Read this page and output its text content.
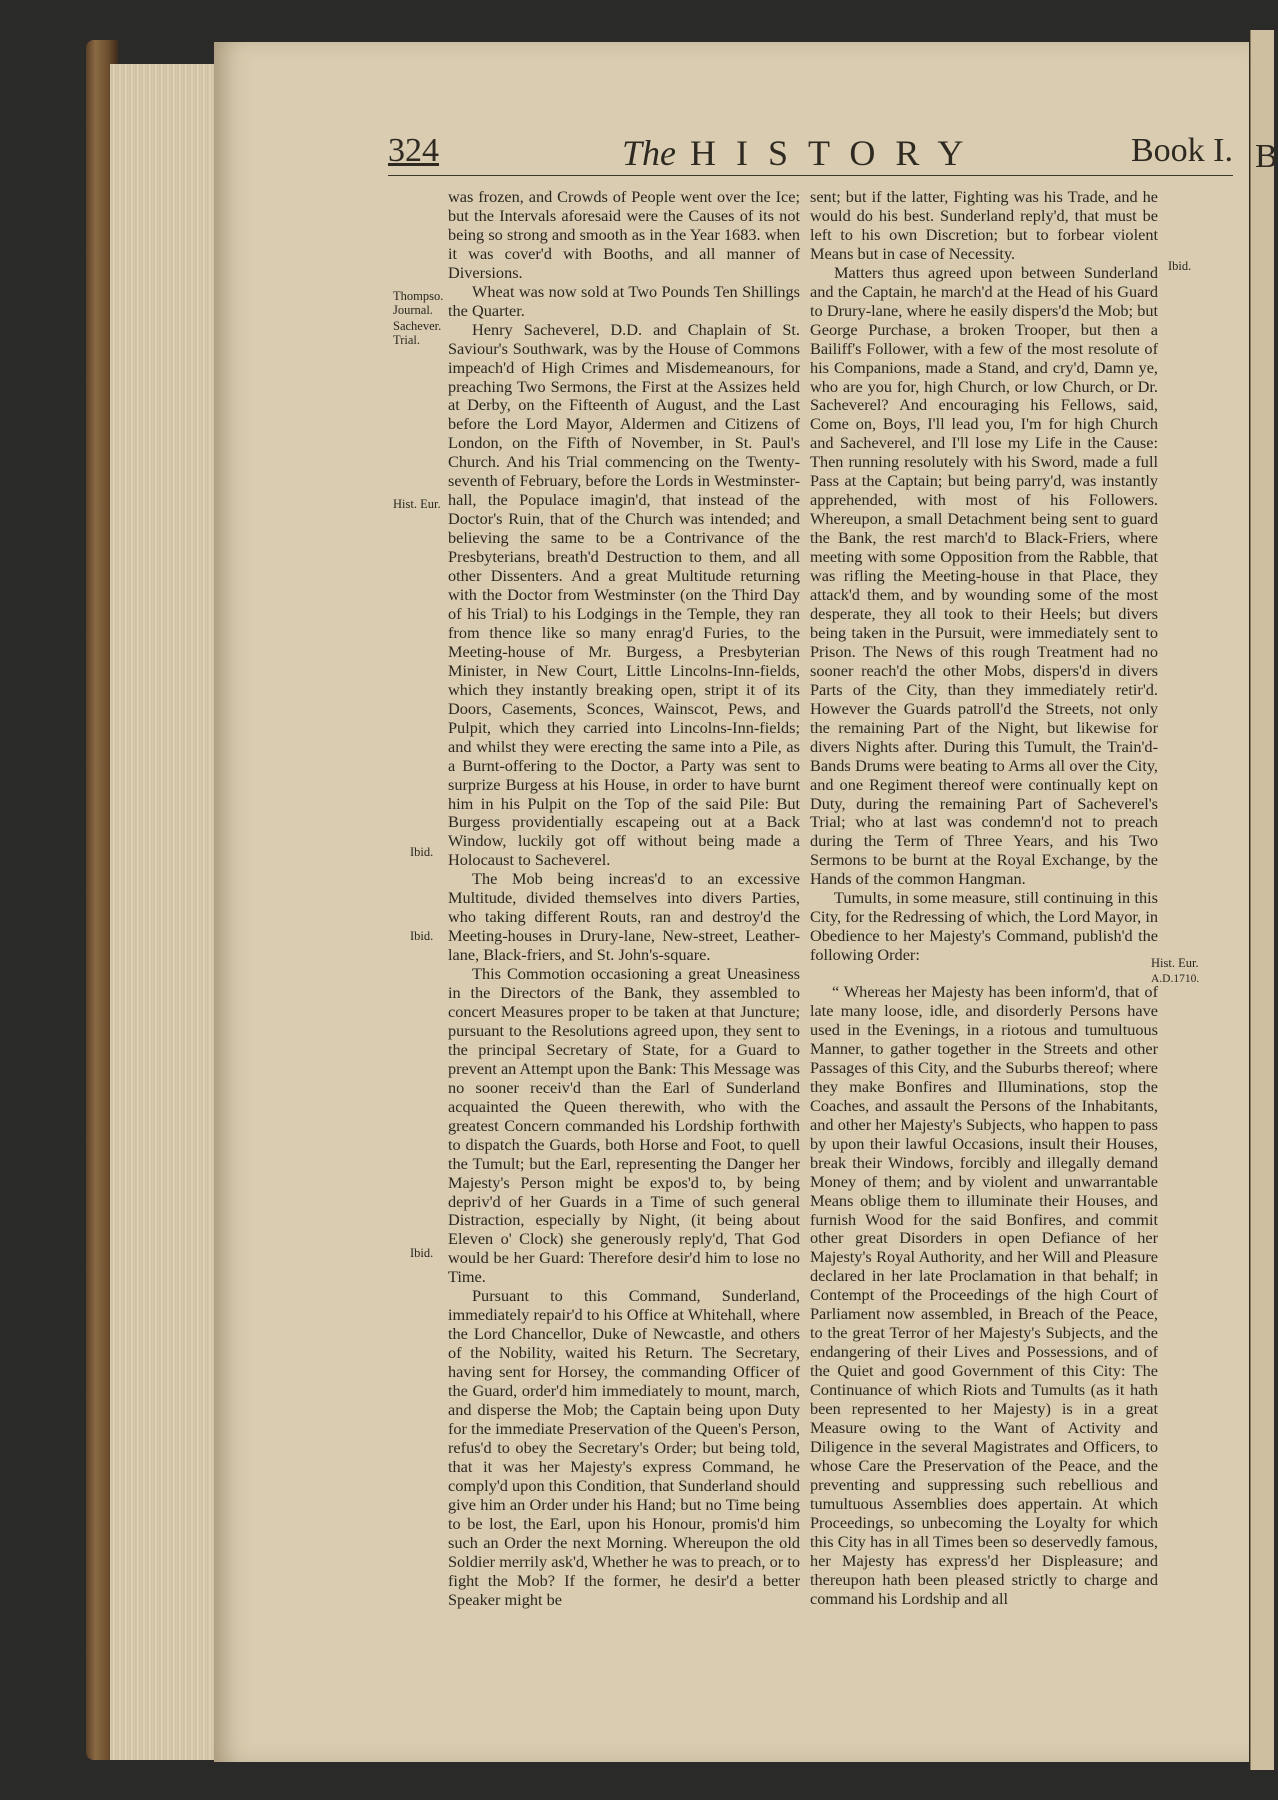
B
324	The HISTORY	Book I.
Thompso. Journal.
Sachever. Trial.
Hist. Eur.
Ibid.
Ibid.
Ibid.
Ibid.
Hist. Eur.
A.D.1710.

was frozen, and Crowds of People went over the Ice; but the Intervals aforesaid were the Causes of its not being so strong and smooth as in the Year 1683. when it was cover'd with Booths, and all manner of Diversions.

Wheat was now sold at Two Pounds Ten Shillings the Quarter.

Henry Sacheverel, D.D. and Chaplain of St. Saviour's Southwark, was by the House of Commons impeach'd of High Crimes and Misdemeanours, for preaching Two Sermons, the First at the Assizes held at Derby, on the Fifteenth of August, and the Last before the Lord Mayor, Aldermen and Citizens of London, on the Fifth of November, in St. Paul's Church. And his Trial commencing on the Twenty-seventh of February, before the Lords in Westminster-hall, the Populace imagin'd, that instead of the Doctor's Ruin, that of the Church was intended; and believing the same to be a Contrivance of the Presbyterians, breath'd Destruction to them, and all other Dissenters. And a great Multitude returning with the Doctor from Westminster (on the Third Day of his Trial) to his Lodgings in the Temple, they ran from thence like so many enrag'd Furies, to the Meeting-house of Mr. Burgess, a Presbyterian Minister, in New Court, Little Lincolns-Inn-fields, which they instantly breaking open, stript it of its Doors, Casements, Sconces, Wainscot, Pews, and Pulpit, which they carried into Lincolns-Inn-fields; and whilst they were erecting the same into a Pile, as a Burnt-offering to the Doctor, a Party was sent to surprize Burgess at his House, in order to have burnt him in his Pulpit on the Top of the said Pile: But Burgess providentially escapeing out at a Back Window, luckily got off without being made a Holocaust to Sacheverel.

The Mob being increas'd to an excessive Multitude, divided themselves into divers Parties, who taking different Routs, ran and destroy'd the Meeting-houses in Drury-lane, New-street, Leather-lane, Black-friers, and St. John's-square.

This Commotion occasioning a great Uneasiness in the Directors of the Bank, they assembled to concert Measures proper to be taken at that Juncture; pursuant to the Resolutions agreed upon, they sent to the principal Secretary of State, for a Guard to prevent an Attempt upon the Bank: This Message was no sooner receiv'd than the Earl of Sunderland acquainted the Queen therewith, who with the greatest Concern commanded his Lordship forthwith to dispatch the Guards, both Horse and Foot, to quell the Tumult; but the Earl, representing the Danger her Majesty's Person might be expos'd to, by being depriv'd of her Guards in a Time of such general Distraction, especially by Night, (it being about Eleven o' Clock) she generously reply'd, That God would be her Guard: Therefore desir'd him to lose no Time.

Pursuant to this Command, Sunderland, immediately repair'd to his Office at Whitehall, where the Lord Chancellor, Duke of Newcastle, and others of the Nobility, waited his Return. The Secretary, having sent for Horsey, the commanding Officer of the Guard, order'd him immediately to mount, march, and disperse the Mob; the Captain being upon Duty for the immediate Preservation of the Queen's Person, refus'd to obey the Secretary's Order; but being told, that it was her Majesty's express Command, he comply'd upon this Condition, that Sunderland should give him an Order under his Hand; but no Time being to be lost, the Earl, upon his Honour, promis'd him such an Order the next Morning. Whereupon the old Soldier merrily ask'd, Whether he was to preach, or to fight the Mob? If the former, he desir'd a better Speaker might be

sent; but if the latter, Fighting was his Trade, and he would do his best. Sunderland reply'd, that must be left to his own Discretion; but to forbear violent Means but in case of Necessity.

Matters thus agreed upon between Sunderland and the Captain, he march'd at the Head of his Guard to Drury-lane, where he easily dispers'd the Mob; but George Purchase, a broken Trooper, but then a Bailiff's Follower, with a few of the most resolute of his Companions, made a Stand, and cry'd, Damn ye, who are you for, high Church, or low Church, or Dr. Sacheverel? And encouraging his Fellows, said, Come on, Boys, I'll lead you, I'm for high Church and Sacheverel, and I'll lose my Life in the Cause: Then running resolutely with his Sword, made a full Pass at the Captain; but being parry'd, was instantly apprehended, with most of his Followers. Whereupon, a small Detachment being sent to guard the Bank, the rest march'd to Black-Friers, where meeting with some Opposition from the Rabble, that was rifling the Meeting-house in that Place, they attack'd them, and by wounding some of the most desperate, they all took to their Heels; but divers being taken in the Pursuit, were immediately sent to Prison. The News of this rough Treatment had no sooner reach'd the other Mobs, dispers'd in divers Parts of the City, than they immediately retir'd. However the Guards patroll'd the Streets, not only the remaining Part of the Night, but likewise for divers Nights after. During this Tumult, the Train'd-Bands Drums were beating to Arms all over the City, and one Regiment thereof were continually kept on Duty, during the remaining Part of Sacheverel's Trial; who at last was condemn'd not to preach during the Term of Three Years, and his Two Sermons to be burnt at the Royal Exchange, by the Hands of the common Hangman.

Tumults, in some measure, still continuing in this City, for the Redressing of which, the Lord Mayor, in Obedience to her Majesty's Command, publish'd the following Order:

“ Whereas her Majesty has been inform'd, that of late many loose, idle, and disorderly Persons have used in the Evenings, in a riotous and tumultuous Manner, to gather together in the Streets and other Passages of this City, and the Suburbs thereof; where they make Bonfires and Illuminations, stop the Coaches, and assault the Persons of the Inhabitants, and other her Majesty's Subjects, who happen to pass by upon their lawful Occasions, insult their Houses, break their Windows, forcibly and illegally demand Money of them; and by violent and unwarrantable Means oblige them to illuminate their Houses, and furnish Wood for the said Bonfires, and commit other great Disorders in open Defiance of her Majesty's Royal Authority, and her Will and Pleasure declared in her late Proclamation in that behalf; in Contempt of the Proceedings of the high Court of Parliament now assembled, in Breach of the Peace, to the great Terror of her Majesty's Subjects, and the endangering of their Lives and Possessions, and of the Quiet and good Government of this City: The Continuance of which Riots and Tumults (as it hath been represented to her Majesty) is in a great Measure owing to the Want of Activity and Diligence in the several Magistrates and Officers, to whose Care the Preservation of the Peace, and the preventing and suppressing such rebellious and tumultuous Assemblies does appertain. At which Proceedings, so unbecoming the Loyalty for which this City has in all Times been so deservedly famous, her Majesty has express'd her Displeasure; and thereupon hath been pleased strictly to charge and command his Lordship and all
